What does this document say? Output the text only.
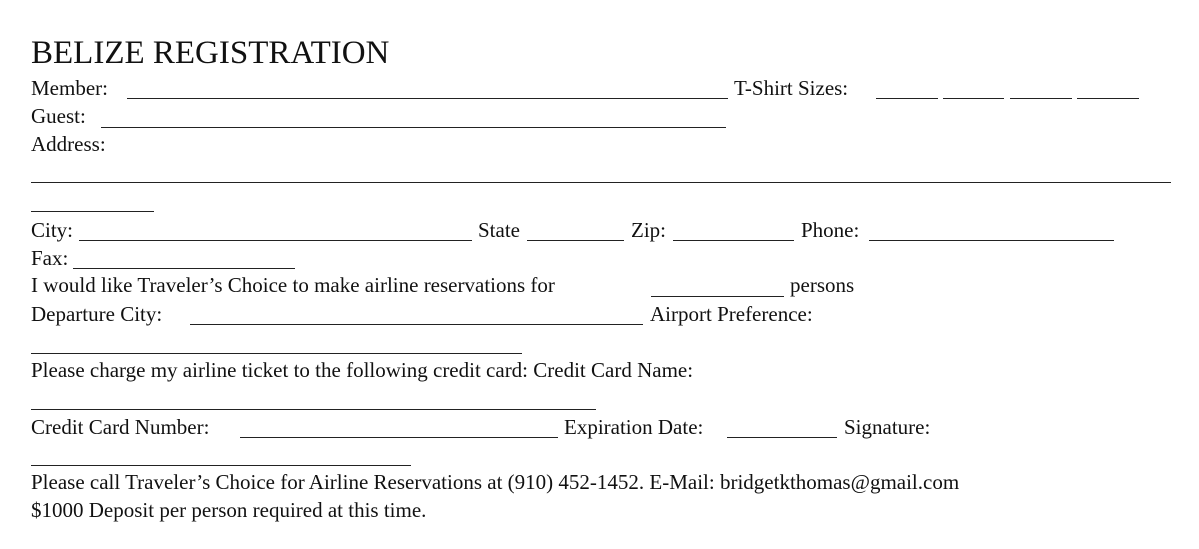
BELIZE REGISTRATION
Member:	T-Shirt Sizes:
Guest:
Address:
City:	State	Zip:	Phone:
Fax:
I would like Traveler’s Choice to make airline reservations for	persons
Departure City:	Airport Preference:
Please charge my airline ticket to the following credit card: Credit Card Name:
Credit Card Number:	Expiration Date:	Signature:
Please call Traveler’s Choice for Airline Reservations at (910) 452-1452. E-Mail: bridgetkthomas@gmail.com
$1000 Deposit per person required at this time.
